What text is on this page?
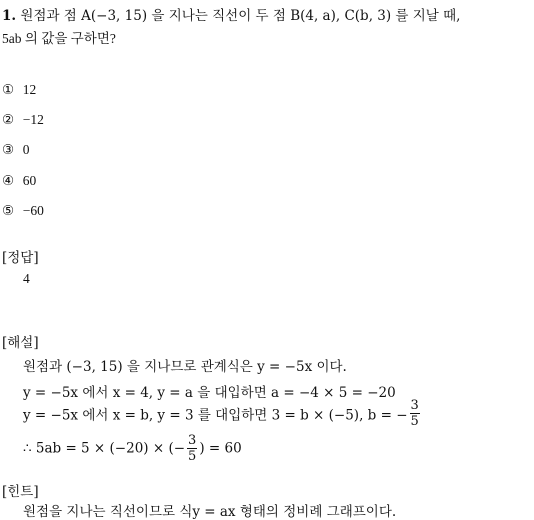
1. 원점과 점 A(−3, 15) 을 지나는 직선이 두 점 B(4, a), C(b, 3) 를 지날 때,
5ab 의 값을 구하면?
① 12
② −12
③ 0
④ 60
⑤ −60
[정답]
4
[해설]
원점과 (−3, 15) 을 지나므로 관계식은 y = −5x 이다.
y = −5x 에서 x = 4, y = a 을 대입하면 a = −4 × 5 = −20
y = −5x 에서 x = b, y = 3 를 대입하면 3 = b × (−5), b = − $\frac{3}{5}$
∴ 5ab = 5 × (−20) × (− $\frac{3}{5}$ ) = 60
[힌트]
원점을 지나는 직선이므로 식y = ax 형태의 정비례 그래프이다.
